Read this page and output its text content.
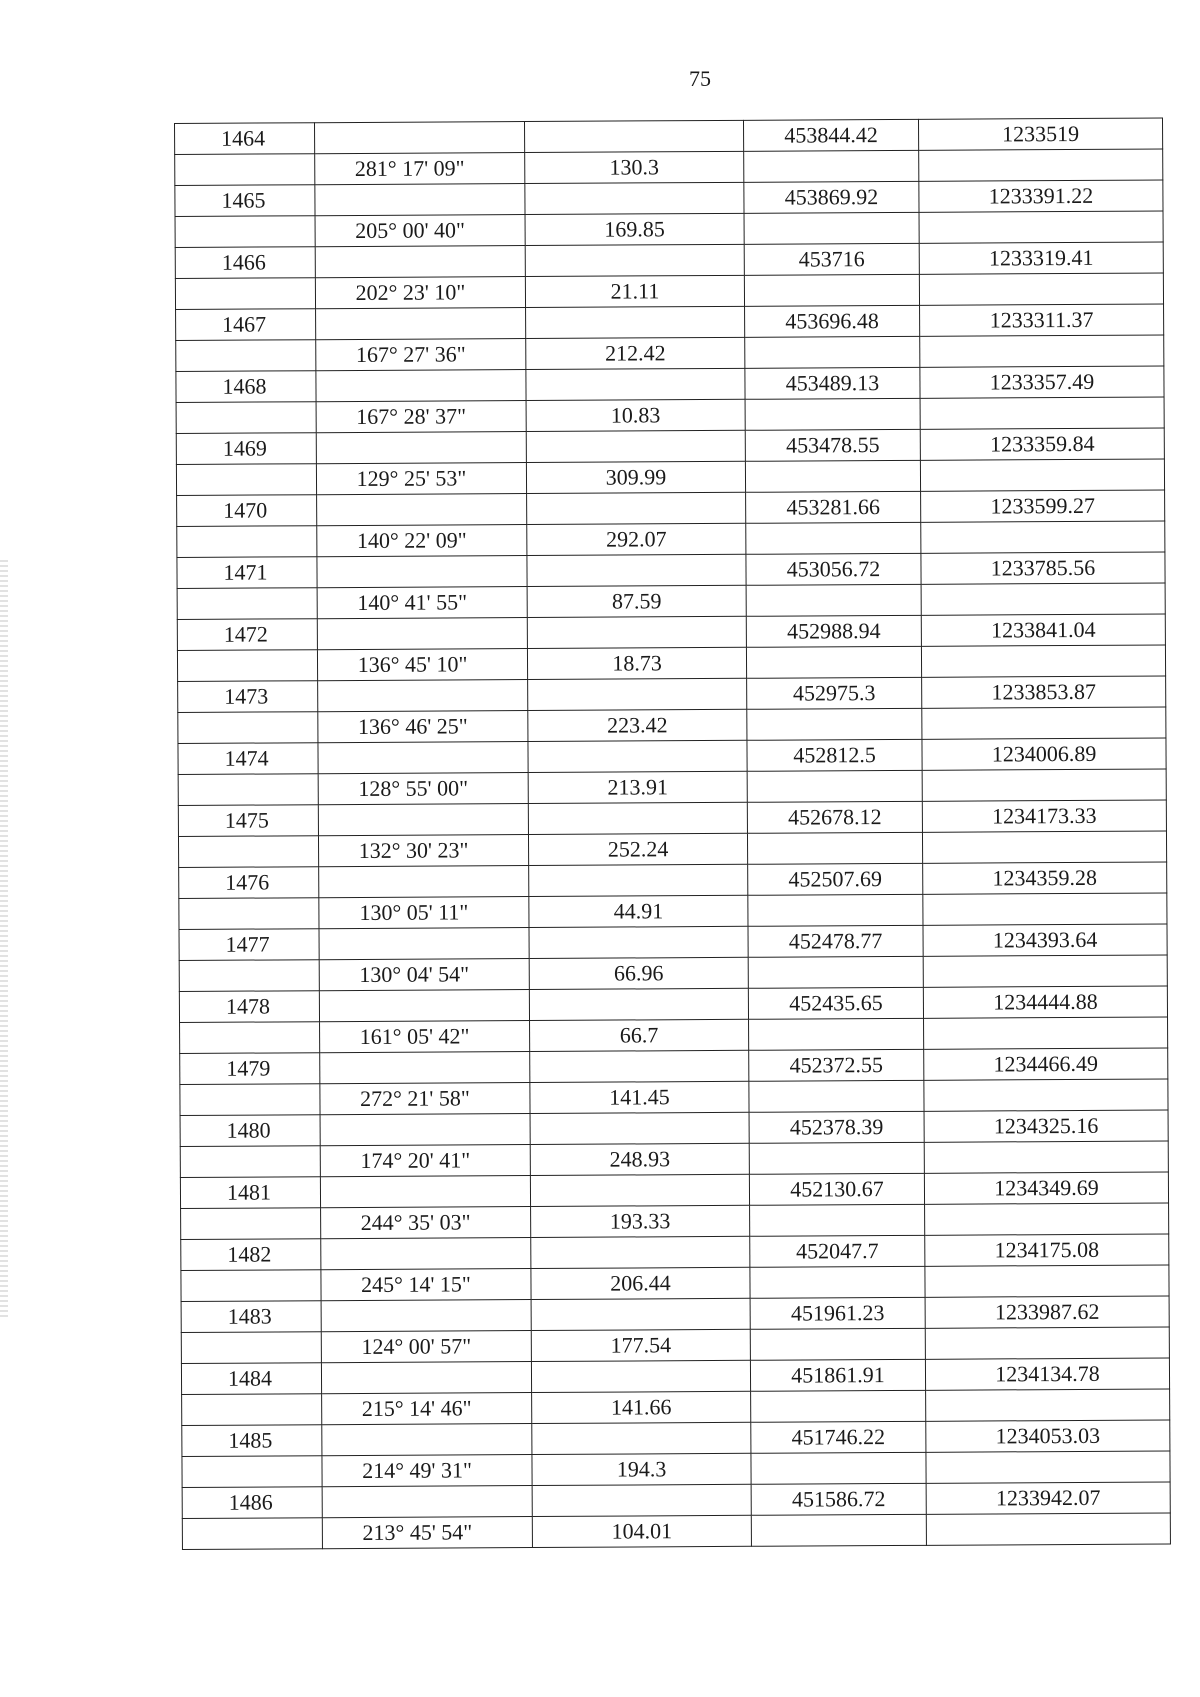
75
1464			453844.42	1233519
	281° 17' 09"	130.3		
1465			453869.92	1233391.22
	205° 00' 40"	169.85		
1466			453716	1233319.41
	202° 23' 10"	21.11		
1467			453696.48	1233311.37
	167° 27' 36"	212.42		
1468			453489.13	1233357.49
	167° 28' 37"	10.83		
1469			453478.55	1233359.84
	129° 25' 53"	309.99		
1470			453281.66	1233599.27
	140° 22' 09"	292.07		
1471			453056.72	1233785.56
	140° 41' 55"	87.59		
1472			452988.94	1233841.04
	136° 45' 10"	18.73		
1473			452975.3	1233853.87
	136° 46' 25"	223.42		
1474			452812.5	1234006.89
	128° 55' 00"	213.91		
1475			452678.12	1234173.33
	132° 30' 23"	252.24		
1476			452507.69	1234359.28
	130° 05' 11"	44.91		
1477			452478.77	1234393.64
	130° 04' 54"	66.96		
1478			452435.65	1234444.88
	161° 05' 42"	66.7		
1479			452372.55	1234466.49
	272° 21' 58"	141.45		
1480			452378.39	1234325.16
	174° 20' 41"	248.93		
1481			452130.67	1234349.69
	244° 35' 03"	193.33		
1482			452047.7	1234175.08
	245° 14' 15"	206.44		
1483			451961.23	1233987.62
	124° 00' 57"	177.54		
1484			451861.91	1234134.78
	215° 14' 46"	141.66		
1485			451746.22	1234053.03
	214° 49' 31"	194.3		
1486			451586.72	1233942.07
	213° 45' 54"	104.01		
